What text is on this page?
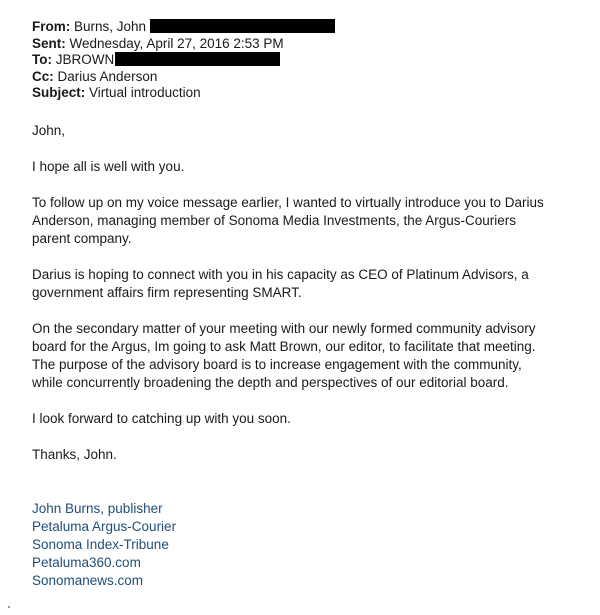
From: Burns, John
Sent: Wednesday, April 27, 2016 2:53 PM
To: JBROWN
Cc: Darius Anderson
Subject: Virtual introduction

John,

I hope all is well with you.

To follow up on my voice message earlier, I wanted to virtually introduce you to Darius

Anderson, managing member of Sonoma Media Investments, the Argus-Couriers

parent company.

Darius is hoping to connect with you in his capacity as CEO of Platinum Advisors, a

government affairs firm representing SMART.

On the secondary matter of your meeting with our newly formed community advisory

board for the Argus, Im going to ask Matt Brown, our editor, to facilitate that meeting.

The purpose of the advisory board is to increase engagement with the community,

while concurrently broadening the depth and perspectives of our editorial board.

I look forward to catching up with you soon.

Thanks, John.

John Burns, publisher

Petaluma Argus-Courier

Sonoma Index-Tribune

Petaluma360.com

Sonomanews.com
